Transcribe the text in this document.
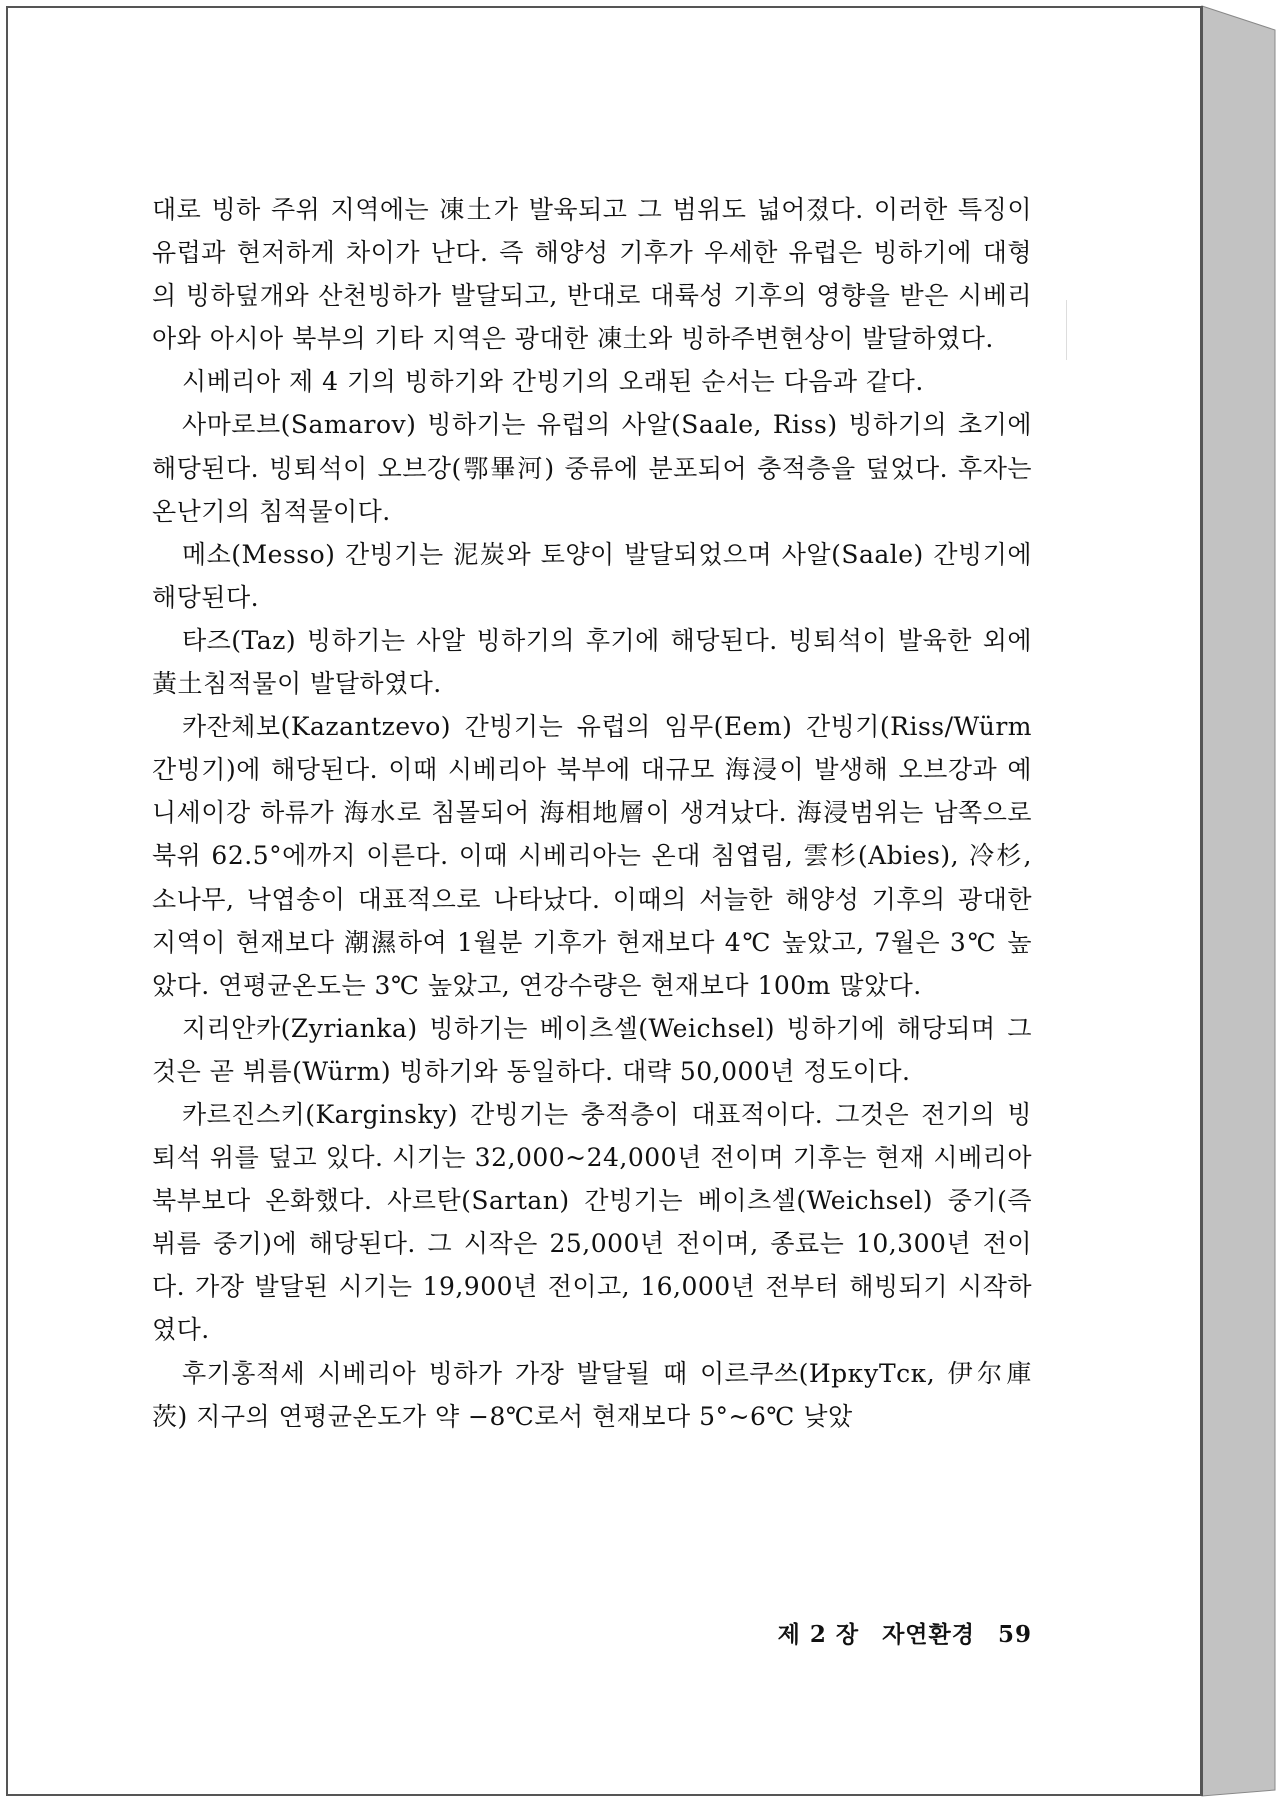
대로 빙하 주위 지역에는 凍土가 발육되고 그 범위도 넓어졌다. 이러한 특징이 유럽과 현저하게 차이가 난다. 즉 해양성 기후가 우세한 유럽은 빙하기에 대형의 빙하덮개와 산천빙하가 발달되고, 반대로 대륙성 기후의 영향을 받은 시베리아와 아시아 북부의 기타 지역은 광대한 凍土와 빙하주변현상이 발달하였다.

시베리아 제 4 기의 빙하기와 간빙기의 오래된 순서는 다음과 같다.

사마로브(Samarov) 빙하기는 유럽의 사알(Saale, Riss) 빙하기의 초기에 해당된다. 빙퇴석이 오브강(鄂畢河) 중류에 분포되어 충적층을 덮었다. 후자는 온난기의 침적물이다.

메소(Messo) 간빙기는 泥炭와 토양이 발달되었으며 사알(Saale) 간빙기에 해당된다.

타즈(Taz) 빙하기는 사알 빙하기의 후기에 해당된다. 빙퇴석이 발육한 외에 黃土침적물이 발달하였다.

카잔체보(Kazantzevo) 간빙기는 유럽의 임무(Eem) 간빙기(Riss/Würm 간빙기)에 해당된다. 이때 시베리아 북부에 대규모 海浸이 발생해 오브강과 예니세이강 하류가 海水로 침몰되어 海相地層이 생겨났다. 海浸범위는 남쪽으로 북위 62.5°에까지 이른다. 이때 시베리아는 온대 침엽림, 雲杉(Abies), 冷杉, 소나무, 낙엽송이 대표적으로 나타났다. 이때의 서늘한 해양성 기후의 광대한 지역이 현재보다 潮濕하여 1월분 기후가 현재보다 4℃ 높았고, 7월은 3℃ 높았다. 연평균온도는 3℃ 높았고, 연강수량은 현재보다 100m 많았다.

지리안카(Zyrianka) 빙하기는 베이츠셀(Weichsel) 빙하기에 해당되며 그것은 곧 뷔름(Würm) 빙하기와 동일하다. 대략 50,000년 정도이다.

카르진스키(Karginsky) 간빙기는 충적층이 대표적이다. 그것은 전기의 빙퇴석 위를 덮고 있다. 시기는 32,000~24,000년 전이며 기후는 현재 시베리아 북부보다 온화했다. 사르탄(Sartan) 간빙기는 베이츠셀(Weichsel) 중기(즉 뷔름 중기)에 해당된다. 그 시작은 25,000년 전이며, 종료는 10,300년 전이다. 가장 발달된 시기는 19,900년 전이고, 16,000년 전부터 해빙되기 시작하였다.

후기홍적세 시베리아 빙하가 가장 발달될 때 이르쿠쓰(ИркуТск, 伊尔庫茨) 지구의 연평균온도가 약 −8℃로서 현재보다 5°~6℃ 낮았

제 2 장 자연환경 59
